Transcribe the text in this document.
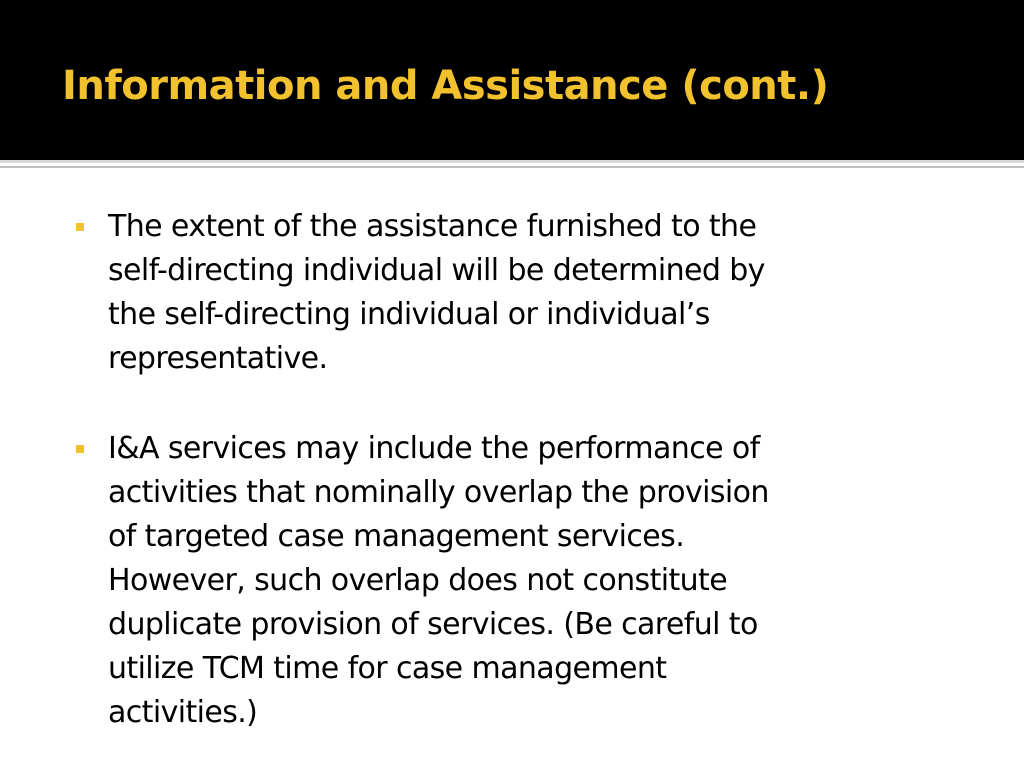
Information and Assistance (cont.)
The extent of the assistance furnished to the
self-directing individual will be determined by
the self-directing individual or individual’s
representative.
I&A services may include the performance of
activities that nominally overlap the provision
of targeted case management services.
However, such overlap does not constitute
duplicate provision of services. (Be careful to
utilize TCM time for case management
activities.)
